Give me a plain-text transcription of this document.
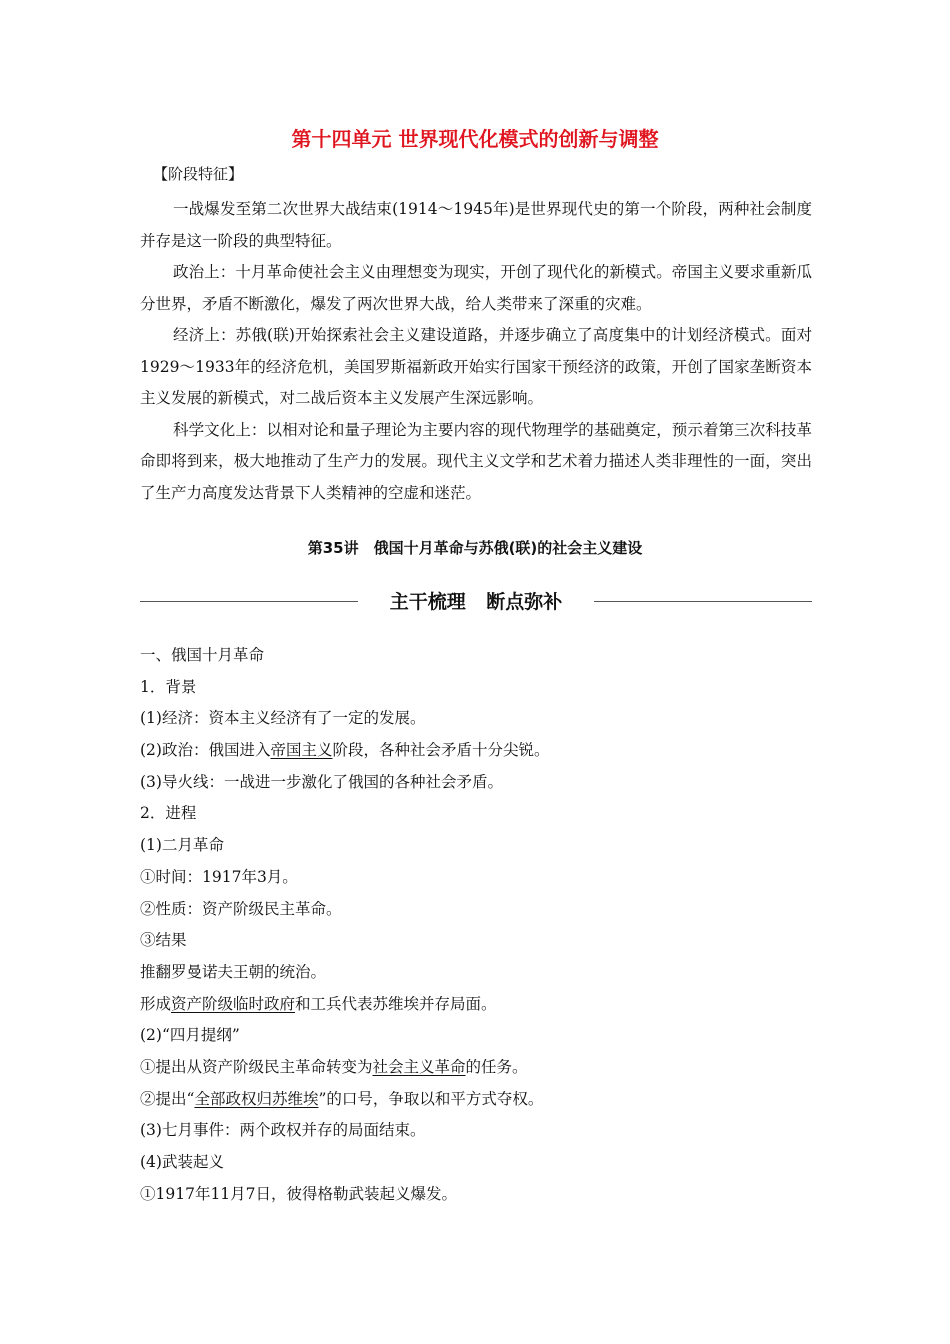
第十四单元 世界现代化模式的创新与调整
【阶段特征】

一战爆发至第二次世界大战结束(1914～1945年)是世界现代史的第一个阶段，两种社会制度并存是这一阶段的典型特征。

政治上：十月革命使社会主义由理想变为现实，开创了现代化的新模式。帝国主义要求重新瓜分世界，矛盾不断激化，爆发了两次世界大战，给人类带来了深重的灾难。

经济上：苏俄(联)开始探索社会主义建设道路，并逐步确立了高度集中的计划经济模式。面对1929～1933年的经济危机，美国罗斯福新政开始实行国家干预经济的政策，开创了国家垄断资本主义发展的新模式，对二战后资本主义发展产生深远影响。

科学文化上：以相对论和量子理论为主要内容的现代物理学的基础奠定，预示着第三次科技革命即将到来，极大地推动了生产力的发展。现代主义文学和艺术着力描述人类非理性的一面，突出了生产力高度发达背景下人类精神的空虚和迷茫。

第35讲　俄国十月革命与苏俄(联)的社会主义建设
主干梳理 断点弥补
一、俄国十月革命
1．背景
(1)经济：资本主义经济有了一定的发展。
(2)政治：俄国进入帝国主义阶段，各种社会矛盾十分尖锐。
(3)导火线：一战进一步激化了俄国的各种社会矛盾。
2．进程
(1)二月革命
①时间：1917年3月。
②性质：资产阶级民主革命。
③结果
推翻罗曼诺夫王朝的统治。
形成资产阶级临时政府和工兵代表苏维埃并存局面。
(2)“四月提纲”
①提出从资产阶级民主革命转变为社会主义革命的任务。
②提出“全部政权归苏维埃”的口号，争取以和平方式夺权。
(3)七月事件：两个政权并存的局面结束。
(4)武装起义
①1917年11月7日，彼得格勒武装起义爆发。
